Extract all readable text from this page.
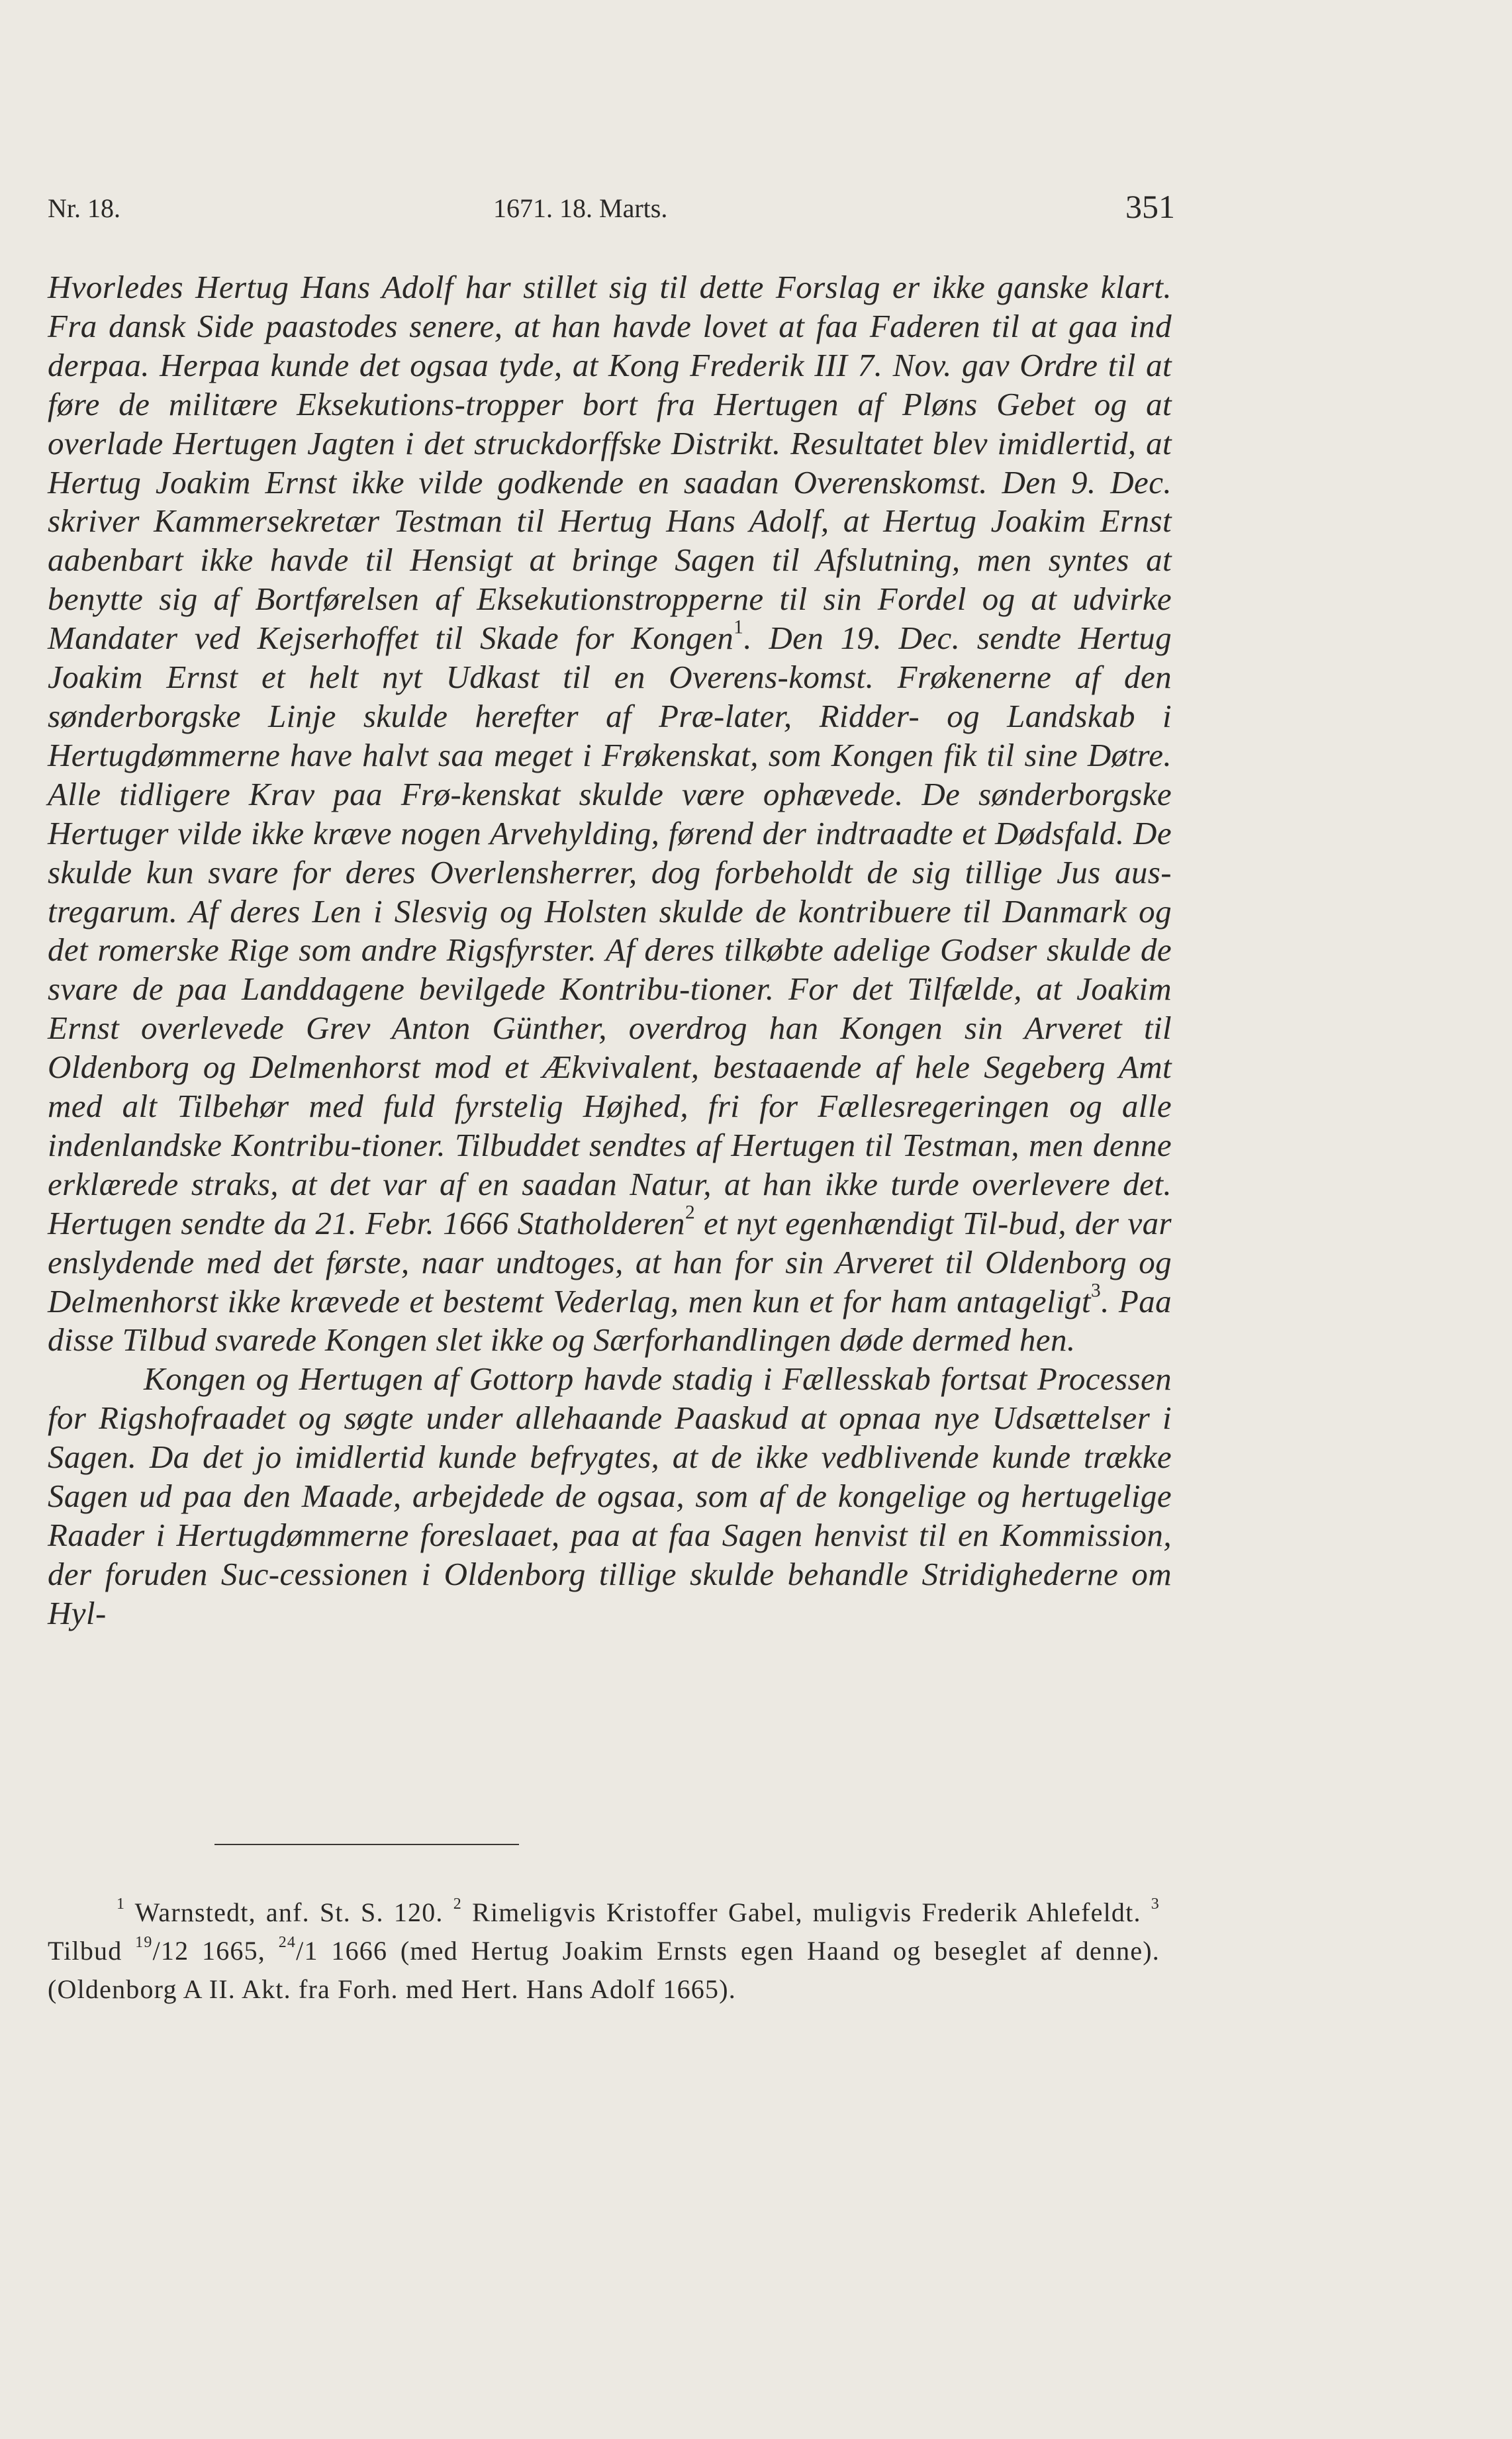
Nr. 18.	1671. 18. Marts.	351

Hvorledes Hertug Hans Adolf har stillet sig til dette Forslag er ikke ganske klart. Fra dansk Side paastodes senere, at han havde lovet at faa Faderen til at gaa ind derpaa. Herpaa kunde det ogsaa tyde, at Kong Frederik III 7. Nov. gav Ordre til at føre de militære Eksekutions-tropper bort fra Hertugen af Pløns Gebet og at overlade Hertugen Jagten i det struckdorffske Distrikt. Resultatet blev imidlertid, at Hertug Joakim Ernst ikke vilde godkende en saadan Overenskomst. Den 9. Dec. skriver Kammersekretær Testman til Hertug Hans Adolf, at Hertug Joakim Ernst aabenbart ikke havde til Hensigt at bringe Sagen til Afslutning, men syntes at benytte sig af Bortførelsen af Eksekutionstropperne til sin Fordel og at udvirke Mandater ved Kejserhoffet til Skade for Kongen$^1$. Den 19. Dec. sendte Hertug Joakim Ernst et helt nyt Udkast til en Overens-komst. Frøkenerne af den sønderborgske Linje skulde herefter af Præ-later, Ridder- og Landskab i Hertugdømmerne have halvt saa meget i Frøkenskat, som Kongen fik til sine Døtre. Alle tidligere Krav paa Frø-kenskat skulde være ophævede. De sønderborgske Hertuger vilde ikke kræve nogen Arvehylding, førend der indtraadte et Dødsfald. De skulde kun svare for deres Overlensherrer, dog forbeholdt de sig tillige Jus aus-tregarum. Af deres Len i Slesvig og Holsten skulde de kontribuere til Danmark og det romerske Rige som andre Rigsfyrster. Af deres tilkøbte adelige Godser skulde de svare de paa Landdagene bevilgede Kontribu-tioner. For det Tilfælde, at Joakim Ernst overlevede Grev Anton Günther, overdrog han Kongen sin Arveret til Oldenborg og Delmenhorst mod et Ækvivalent, bestaaende af hele Segeberg Amt med alt Tilbehør med fuld fyrstelig Højhed, fri for Fællesregeringen og alle indenlandske Kontribu-tioner. Tilbuddet sendtes af Hertugen til Testman, men denne erklærede straks, at det var af en saadan Natur, at han ikke turde overlevere det. Hertugen sendte da 21. Febr. 1666 Statholderen$^2$ et nyt egenhændigt Til-bud, der var enslydende med det første, naar undtoges, at han for sin Arveret til Oldenborg og Delmenhorst ikke krævede et bestemt Vederlag, men kun et for ham antageligt$^3$. Paa disse Tilbud svarede Kongen slet ikke og Særforhandlingen døde dermed hen.

Kongen og Hertugen af Gottorp havde stadig i Fællesskab fortsat Processen for Rigshofraadet og søgte under allehaande Paaskud at opnaa nye Udsættelser i Sagen. Da det jo imidlertid kunde befrygtes, at de ikke vedblivende kunde trække Sagen ud paa den Maade, arbejdede de ogsaa, som af de kongelige og hertugelige Raader i Hertugdømmerne foreslaaet, paa at faa Sagen henvist til en Kommission, der foruden Suc-cessionen i Oldenborg tillige skulde behandle Stridighederne om Hyl-

$^1$ Warnstedt, anf. St. S. 120. $^2$ Rimeligvis Kristoffer Gabel, muligvis Frederik Ahlefeldt. $^3$ Tilbud $^{19}$/12 1665, $^{24}$/1 1666 (med Hertug Joakim Ernsts egen Haand og beseglet af denne). (Oldenborg A II. Akt. fra Forh. med Hert. Hans Adolf 1665).
